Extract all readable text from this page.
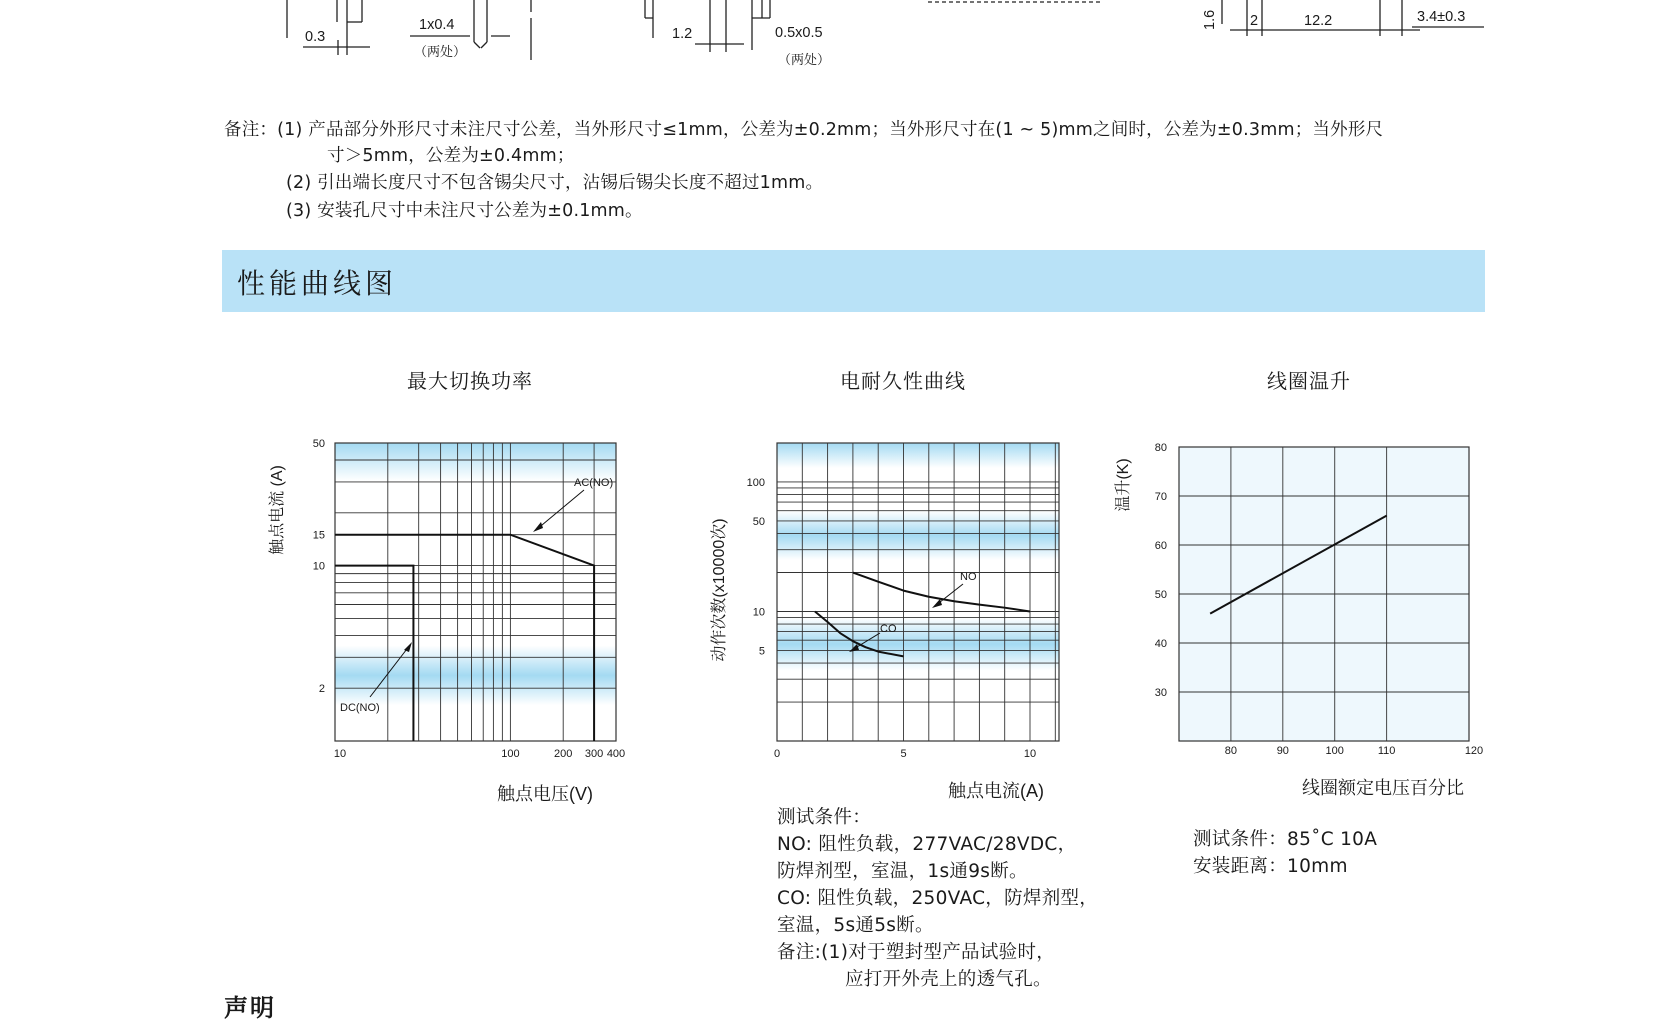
0.3
1x0.4
（两处）
1.2	0.5x0.5
（两处）
1.6 2	12.2	3.4±0.3
备注：(1) 产品部分外形尺寸未注尺寸公差，当外形尺寸≤1mm，公差为±0.2mm；当外形尺寸在(1 ~ 5)mm之间时，公差为±0.3mm；当外形尺
寸＞5mm，公差为±0.4mm；
(2) 引出端长度尺寸不包含锡尖尺寸，沾锡后锡尖长度不超过1mm。
(3) 安装孔尺寸中未注尺寸公差为±0.1mm。
性能曲线图
最大切换功率	电耐久性曲线	线圈温升
10	100	200 300 400
50
15
10
2
AC(NO)
DC(NO)
触点电流 (A)
触点电压(V)
0	5	10
100
50
10
5
NO
CO
动作次数(x10000次)
触点电流(A)
80	90	100	110	120
80
70
60
50
40
30
温升(K)
线圈额定电压百分比
测试条件：
NO: 阻性负载，277VAC/28VDC，
防焊剂型，室温，1s通9s断。
CO: 阻性负载，250VAC，防焊剂型，
室温，5s通5s断。
备注:(1)对于塑封型产品试验时，
应打开外壳上的透气孔。
测试条件：85˚C 10A
安装距离：10mm
声明
